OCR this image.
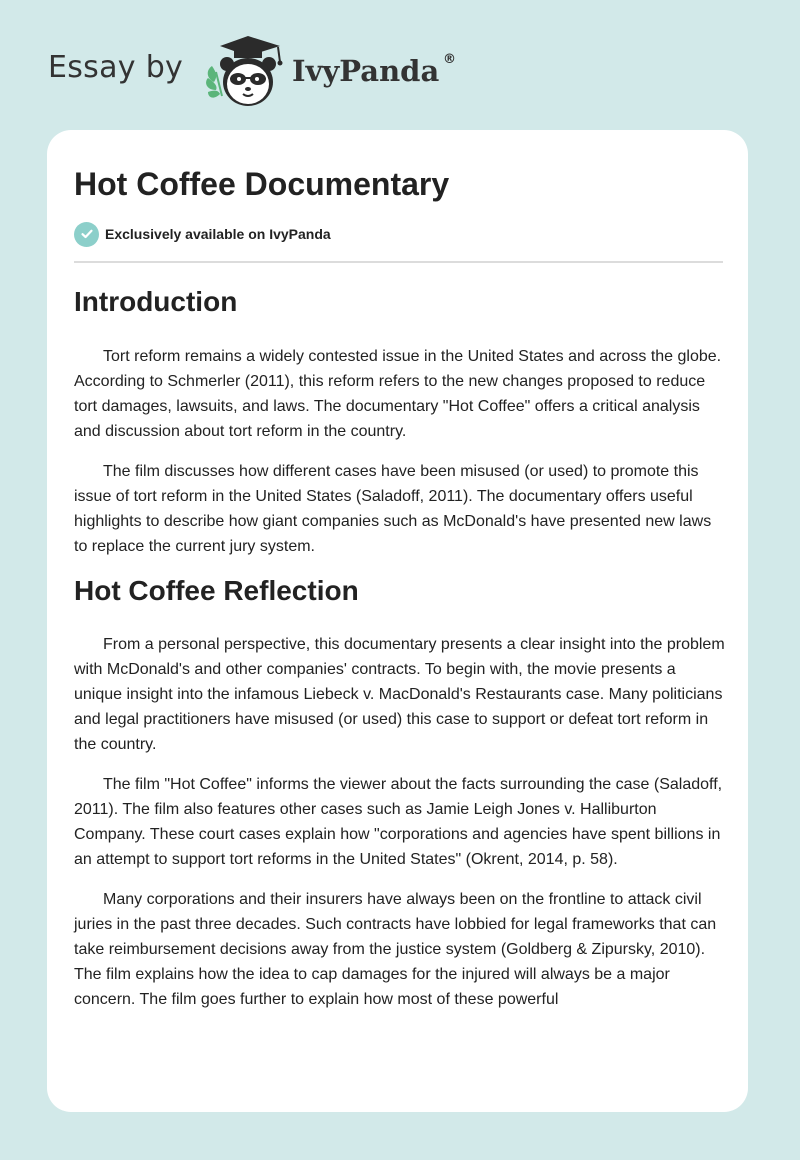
Essay by	IvyPanda ®
Hot Coffee Documentary
Exclusively available on IvyPanda
Introduction

Tort reform remains a widely contested issue in the United States and across the globe. According to Schmerler (2011), this reform refers to the new changes proposed to reduce tort damages, lawsuits, and laws. The documentary "Hot Coffee" offers a critical analysis and discussion about tort reform in the country.

The film discusses how different cases have been misused (or used) to promote this issue of tort reform in the United States (Saladoff, 2011). The documentary offers useful highlights to describe how giant companies such as McDonald's have presented new laws to replace the current jury system.

Hot Coffee Reflection

From a personal perspective, this documentary presents a clear insight into the problem with McDonald's and other companies' contracts. To begin with, the movie presents a unique insight into the infamous Liebeck v. MacDonald's Restaurants case. Many politicians and legal practitioners have misused (or used) this case to support or defeat tort reform in the country.

The film "Hot Coffee" informs the viewer about the facts surrounding the case (Saladoff, 2011). The film also features other cases such as Jamie Leigh Jones v. Halliburton Company. These court cases explain how "corporations and agencies have spent billions in an attempt to support tort reforms in the United States" (Okrent, 2014, p. 58).

Many corporations and their insurers have always been on the frontline to attack civil juries in the past three decades. Such contracts have lobbied for legal frameworks that can take reimbursement decisions away from the justice system (Goldberg & Zipursky, 2010). The film explains how the idea to cap damages for the injured will always be a major concern. The film goes further to explain how most of these powerful
